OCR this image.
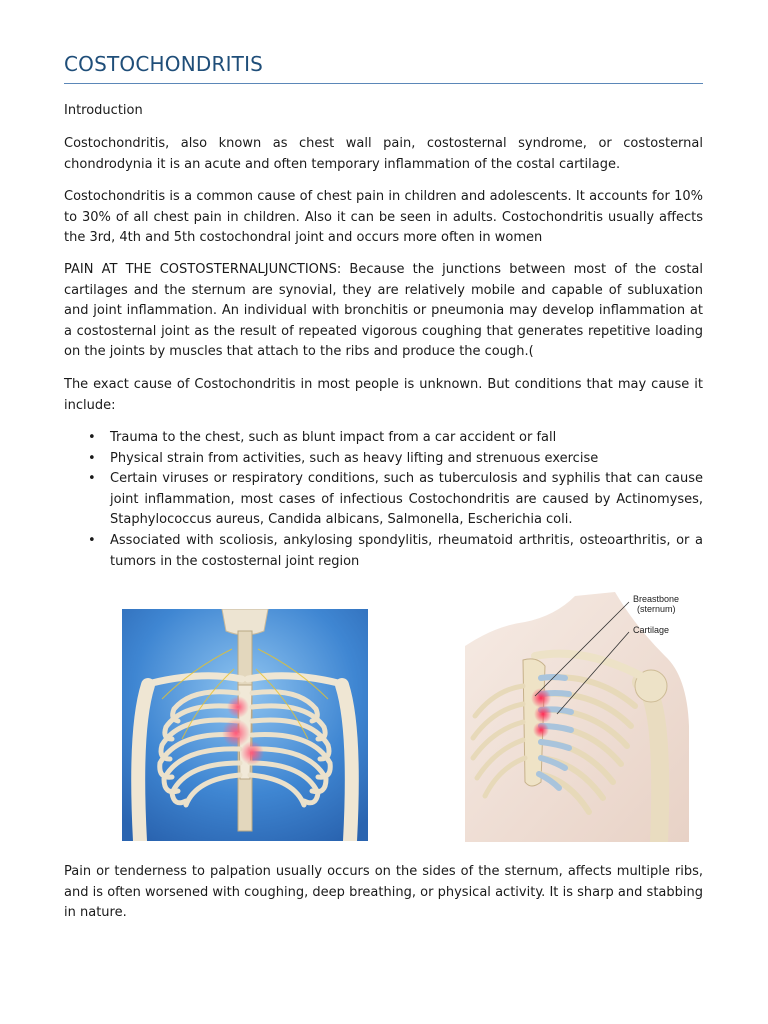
COSTOCHONDRITIS
Introduction
Costochondritis, also known as chest wall pain, costosternal syndrome, or costosternal chondrodynia it is an acute and often temporary inflammation of the costal cartilage.
Costochondritis is a common cause of chest pain in children and adolescents. It accounts for 10% to 30% of all chest pain in children. Also it can be seen in adults. Costochondritis usually affects the 3rd, 4th and 5th costochondral joint and occurs more often in women
PAIN AT THE COSTOSTERNALJUNCTIONS: Because the junctions between most of the costal cartilages and the sternum are synovial, they are relatively mobile and capable of subluxation and joint inflammation. An individual with bronchitis or pneumonia may develop inflammation at a costosternal joint as the result of repeated vigorous coughing that generates repetitive loading on the joints by muscles that attach to the ribs and produce the cough.(
The exact cause of Costochondritis in most people is unknown. But conditions that may cause it include:
• Trauma to the chest, such as blunt impact from a car accident or fall
• Physical strain from activities, such as heavy lifting and strenuous exercise
• Certain viruses or respiratory conditions, such as tuberculosis and syphilis that can cause joint inflammation, most cases of infectious Costochondritis are caused by Actinomyses, Staphylococcus aureus, Candida albicans, Salmonella, Escherichia coli.
• Associated with scoliosis, ankylosing spondylitis, rheumatoid arthritis, osteoarthritis, or a tumors in the costosternal joint region
Pain or tenderness to palpation usually occurs on the sides of the sternum, affects multiple ribs, and is often worsened with coughing, deep breathing, or physical activity. It is sharp and stabbing in nature.
Breastbone
(sternum)
Cartilage
